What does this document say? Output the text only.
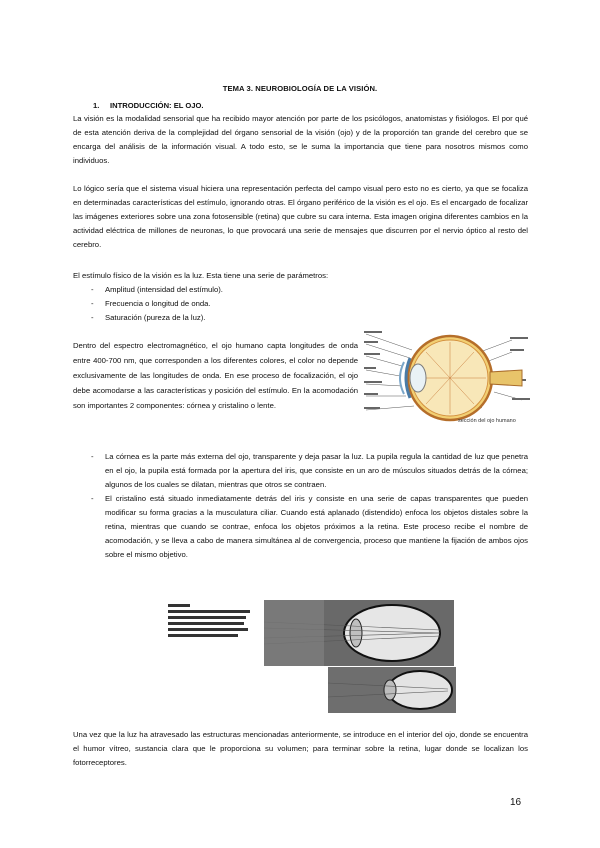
TEMA 3. NEUROBIOLOGÍA DE LA VISIÓN.
1. INTRODUCCIÓN: EL OJO.

La visión es la modalidad sensorial que ha recibido mayor atención por parte de los psicólogos, anatomistas y fisiólogos. El por qué de esta atención deriva de la complejidad del órgano sensorial de la visión (ojo) y de la proporción tan grande del cerebro que se encarga del análisis de la información visual. A todo esto, se le suma la importancia que tiene para nosotros mismos como individuos.

Lo lógico sería que el sistema visual hiciera una representación perfecta del campo visual pero esto no es cierto, ya que se focaliza en determinadas características del estímulo, ignorando otras. El órgano periférico de la visión es el ojo. Es el encargado de focalizar las imágenes exteriores sobre una zona fotosensible (retina) que cubre su cara interna. Esta imagen origina diferentes cambios en la actividad eléctrica de millones de neuronas, lo que provocará una serie de mensajes que discurren por el nervio óptico al resto del cerebro.

El estímulo físico de la visión es la luz. Esta tiene una serie de parámetros:

- Amplitud (intensidad del estímulo).
- Frecuencia o longitud de onda.
- Saturación (pureza de la luz).

Dentro del espectro electromagnético, el ojo humano capta longitudes de onda entre 400-700 nm, que corresponden a los diferentes colores, el color no depende exclusivamente de las longitudes de onda. En ese proceso de focalización, el ojo debe acomodarse a las características y posición del estímulo. En la acomodación son importantes 2 componentes: córnea y cristalino o lente.

sección del ojo humano
- La córnea es la parte más externa del ojo, transparente y deja pasar la luz. La pupila regula la cantidad de luz que penetra en el ojo, la pupila está formada por la apertura del iris, que consiste en un aro de músculos situados detrás de la córnea; algunos de los cuales se dilatan, mientras que otros se contraen.
- El cristalino está situado inmediatamente detrás del iris y consiste en una serie de capas transparentes que pueden modificar su forma gracias a la musculatura ciliar. Cuando está aplanado (distendido) enfoca los objetos distales sobre la retina, mientras que cuando se contrae, enfoca los objetos próximos a la retina. Este proceso recibe el nombre de acomodación, y se lleva a cabo de manera simultánea al de convergencia, proceso que mantiene la fijación de ambos ojos sobre el mismo objetivo.

Una vez que la luz ha atravesado las estructuras mencionadas anteriormente, se introduce en el interior del ojo, donde se encuentra el humor vítreo, sustancia clara que le proporciona su volumen; para terminar sobre la retina, lugar donde se localizan los fotorreceptores.

16
